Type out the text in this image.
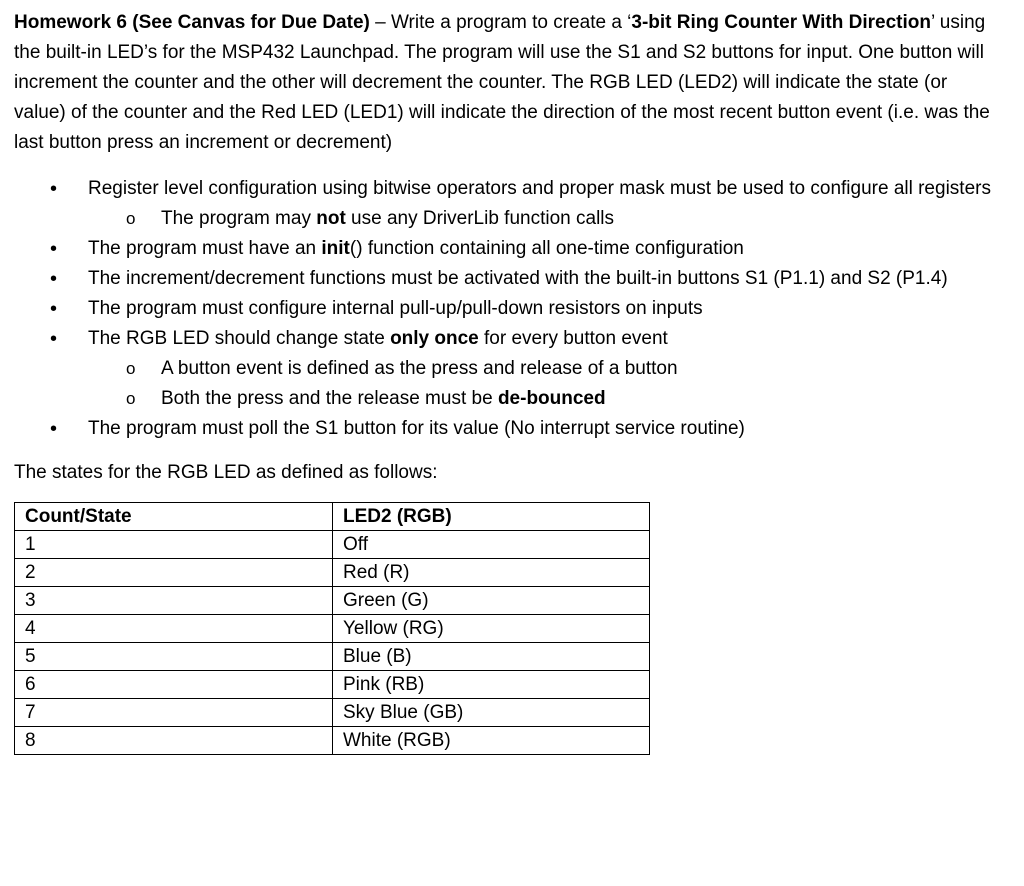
Homework 6 (See Canvas for Due Date) – Write a program to create a ‘3-bit Ring Counter With Direction’ using the built-in LED’s for the MSP432 Launchpad. The program will use the S1 and S2 buttons for input. One button will increment the counter and the other will decrement the counter. The RGB LED (LED2) will indicate the state (or value) of the counter and the Red LED (LED1) will indicate the direction of the most recent button event (i.e. was the last button press an increment or decrement)

•	Register level configuration using bitwise operators and proper mask must be used to configure all registers
o The program may not use any DriverLib function calls
•	The program must have an init() function containing all one-time configuration
•	The increment/decrement functions must be activated with the built-in buttons S1 (P1.1) and S2 (P1.4)
•	The program must configure internal pull-up/pull-down resistors on inputs
•	The RGB LED should change state only once for every button event
o A button event is defined as the press and release of a button
o Both the press and the release must be de-bounced
•	The program must poll the S1 button for its value (No interrupt service routine)

The states for the RGB LED as defined as follows:

Count/State	LED2 (RGB)
1	Off
2	Red (R)
3	Green (G)
4	Yellow (RG)
5	Blue (B)
6	Pink (RB)
7	Sky Blue (GB)
8	White (RGB)
